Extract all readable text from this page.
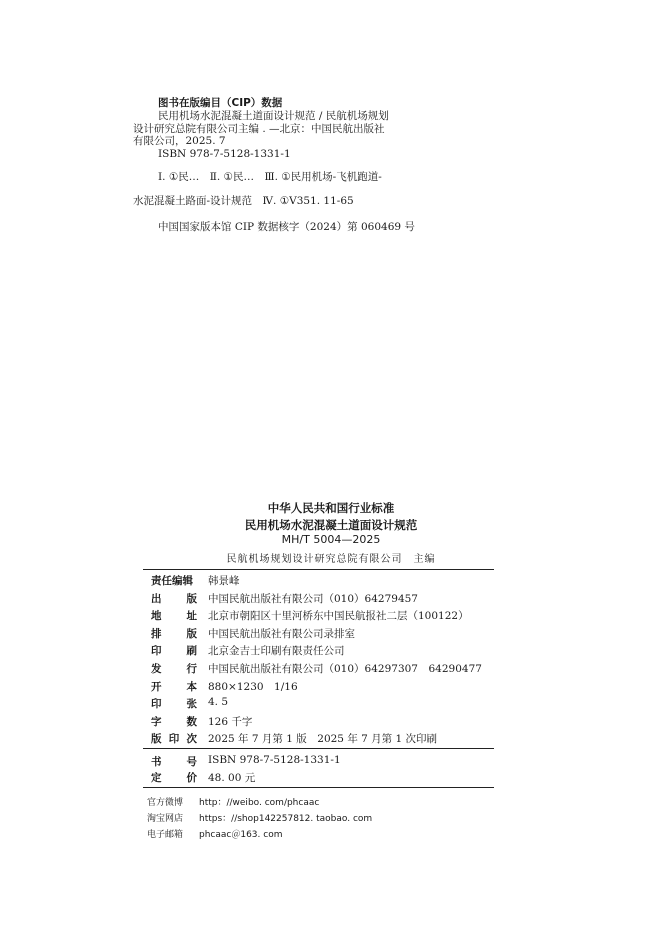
图书在版编目（CIP）数据
民用机场水泥混凝土道面设计规范 / 民航机场规划
设计研究总院有限公司主编 . —北京：中国民航出版社
有限公司，2025. 7
ISBN 978-7-5128-1331-1
Ⅰ. ①民…　Ⅱ. ①民…　Ⅲ. ①民用机场-飞机跑道-
水泥混凝土路面-设计规范　Ⅳ. ①V351. 11-65
中国国家版本馆 CIP 数据核字（2024）第 060469 号
中华人民共和国行业标准
民用机场水泥混凝土道面设计规范
MH/T 5004—2025
民航机场规划设计研究总院有限公司　主编
责任编辑 韩景峰
出 版 中国民航出版社有限公司（010）64279457
地 址 北京市朝阳区十里河桥东中国民航报社二层（100122）
排 版 中国民航出版社有限公司录排室
印 刷 北京金吉士印刷有限责任公司
发 行 中国民航出版社有限公司（010）64297307　64290477
开 本 880×1230　1/16
印 张 4. 5
字 数 126 千字
版 印 次 2025 年 7 月第 1 版　2025 年 7 月第 1 次印刷
书 号 ISBN 978-7-5128-1331-1
定 价 48. 00 元
官方微博 http：//weibo. com/phcaac
淘宝网店 https：//shop142257812. taobao. com
电子邮箱 phcaac＠163. com
